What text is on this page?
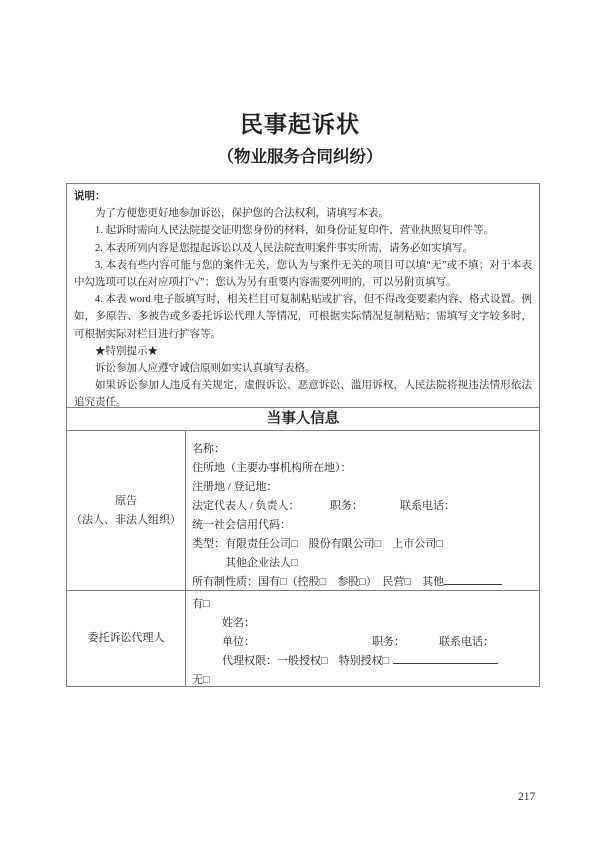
民事起诉状
（物业服务合同纠纷）

说明：

为了方便您更好地参加诉讼，保护您的合法权利，请填写本表。

1. 起诉时需向人民法院提交证明您身份的材料，如身份证复印件、营业执照复印件等。

2. 本表所列内容是您提起诉讼以及人民法院查明案件事实所需，请务必如实填写。

3. 本表有些内容可能与您的案件无关，您认为与案件无关的项目可以填“无”或不填；对于本表中勾选项可以在对应项打“√”；您认为另有重要内容需要列明的，可以另附页填写。

4. 本表 word 电子版填写时，相关栏目可复制粘贴或扩容，但不得改变要素内容、格式设置。例如，多原告、多被告或多委托诉讼代理人等情况，可根据实际情况复制粘贴；需填写文字较多时，可根据实际对栏目进行扩容等。

★特别提示★

诉讼参加人应遵守诚信原则如实认真填写表格。

如果诉讼参加人违反有关规定，虚假诉讼、恶意诉讼、滥用诉权，人民法院将视违法情形依法追究责任。

当事人信息
原告
（法人、非法人组织）
名称：
住所地（主要办事机构所在地）：
注册地 / 登记地：
法定代表人 / 负责人：	职务：	联系电话：
统一社会信用代码：
类型：有限责任公司□　股份有限公司□　上市公司□
其他企业法人□
所有制性质：国有□（控股□　参股□）　民营□　其他
委托诉讼代理人
有□
姓名：
单位：	职务：	联系电话：
代理权限：一般授权□　特别授权□
无□
217
